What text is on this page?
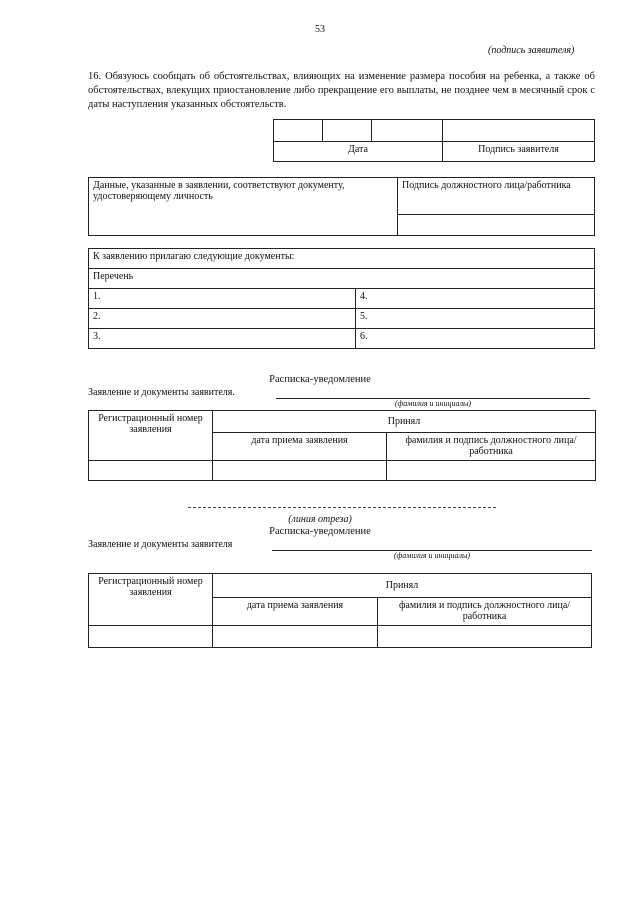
53
(подпись заявителя)
16. Обязуюсь сообщать об обстоятельствах, влияющих на изменение размера пособия на ребенка, а также об обстоятельствах, влекущих приостановление либо прекращение его выплаты, не позднее чем в месячный срок с даты наступления указанных обстоятельств.

Дата			Подпись заявителя
Данные, указанные в заявлении, соответствуют документу, удостоверяющему личность	Подпись должностного лица/работника

К заявлению прилагаю следующие документы:	
Перечень	
1.	4.
2.	5.
3.	6.
Расписка-уведомление
Заявление и документы заявителя.
(фамилия и инициалы)
Регистрационный номер заявления	Принял	
	дата приема заявления	фамилия и подпись должностного лица/работника

(линия отреза)
Расписка-уведомление
Заявление и документы заявителя
(фамилия и инициалы)
Регистрационный номер заявления	Принял	
	дата приема заявления	фамилия и подпись должностного лица/работника
